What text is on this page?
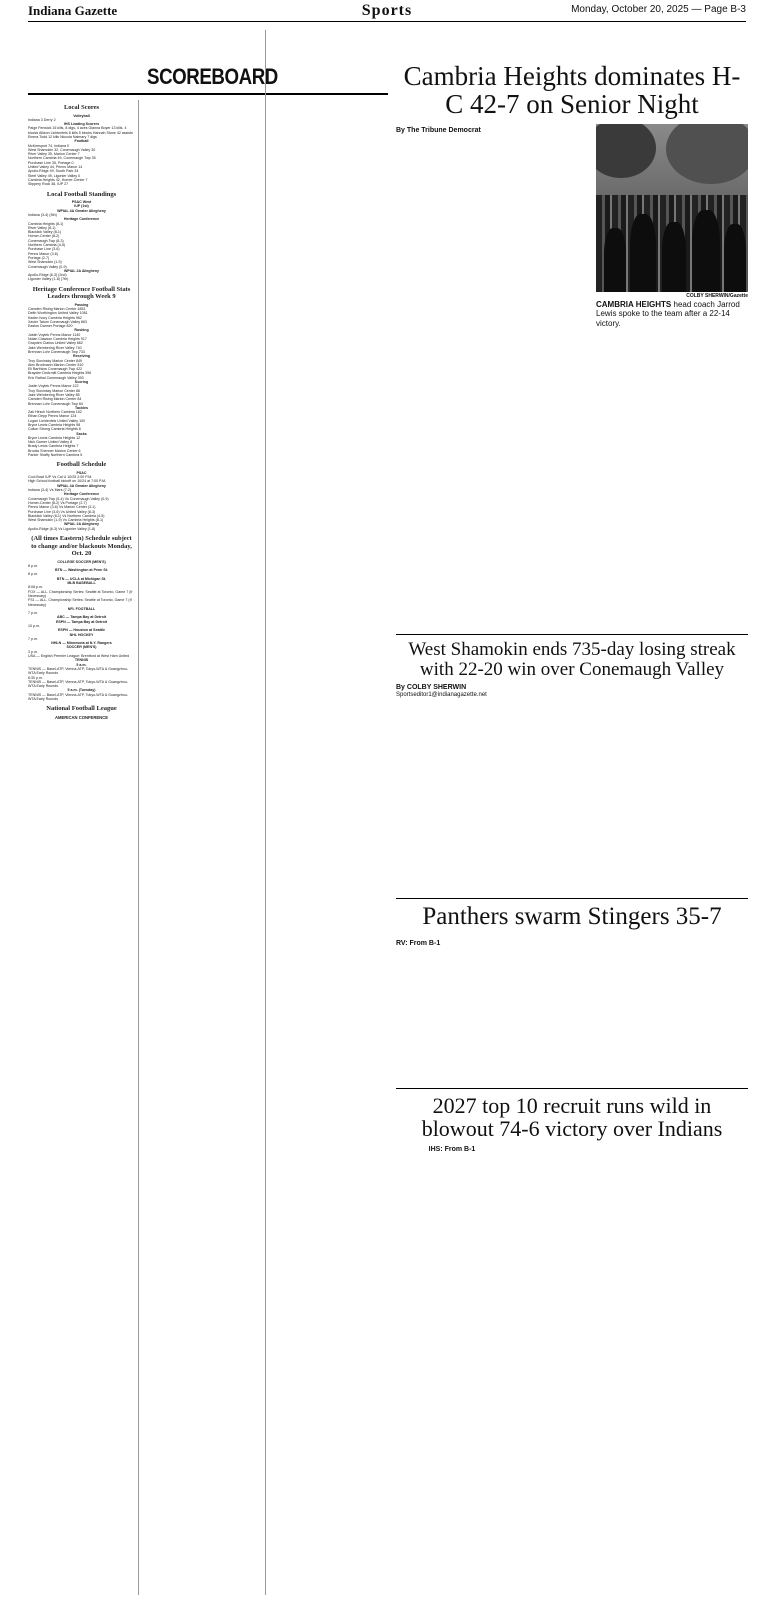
Indiana Gazette	Sports	Monday, October 20, 2025 — Page B-3
SCOREBOARD
Local Scores
Volleyball
Indiana 3 Derry 2
IHS Leading Scorers
Paige Fenwick 15 kills, 8 digs, 4 aces Gianna Boyer 13 kills. 4 blocks Allison Lichtenfels 6 kills 5 blocks Hannah Stone 42 assists Emma Todd 12 kills Niccola Nalmary 7 digs
Football
McKeesport 74, Indiana 0
West Shamokin 32, Conemaugh Valley 30
River Valley 35, Marion Center 7
Northern Cambria 49, Conemaugh Twp 35
Purchase Line 35, Portage 0
United Valley 44, Penns Manor 14
Apollo-Ridge 49, South Park 34
Steel Valley 49, Ligonier Valley 0
Cambria Heights 42, Homer-Center 7
Slippery Rock 38, IUP 27
Local Football Standings
PSAC West
IUP (1st)
WPIAL 4A Greater Allegheny
Indiana (3-4) (5th)
Heritage Conference
Cambria Heights (8-1)
River Valley (8-1)
Blacklick Valley (8-1)
Homer-Center (8-2)
Conemaugh Twp (8-3)
Northern Cambria (4-5)
Purchase Line (3-6)
Penns Manor (3-6)
Portage (2-7)
West Shamokin (1-9)
Conemaugh Valley (0-9)
WPIAL 2A Allegheny
Apollo-Ridge (6-3) (2nd)
Ligonier Valley (1-8) (7th)
Heritage Conference Football Stats Leaders through Week 9
Passing
Camden Rising Marion Center 1853
Deith Worthington United Valley 1081
Kaden Ivory Cambria Heights 962
Xavier Tatum Conemaugh Valley 863
Easton Danner Portage 820
Rushing
Justin Voytek Penns Manor 1140
Nolan Clawson Cambria Heights 917
Grayden Clarius United Valley 862
Jake Weinbering River Valley 740
Brennan Lohr Conemaugh Twp 733
Receiving
Troy Slovinsky Marion Center 849
Alec Brodmann Marion Center 510
Eli Barthlow Conemaugh Twp 422
Brayden DeArmitt Cambria Heights 396
Eric Rathal Conemaugh Valley 393
Scoring
Justin Voytek Penns Manor 122
Troy Slovinsky Marion Center 86
Jake Weinbering River Valley 85
Camden Rising Marion Center 84
Brennan Lohr Conemaugh Twp 84
Tackles
Zak Hirsch Northern Cambria 152
Ethan Depp Penns Manor 124
Logan Lichtenfels United Valley 100
Bryce Lewis Cambria Heights 98
Colton Strong Cambria Heights 8
Sacks
Bryce Lewis Cambria Heights 12
Nick Garner United Valley 8
Brady Lewis Cambria Heights 7
Brooks Shenner Marion Center 6
Parker Shaffy Northern Cambria 5
Football Schedule
PSAC
Cool Bowl IUP Vs Cal U 10/25 2:00 P.M.
High School football kickoff on 10/24 at 7:00 P.M.
WPIAL 4A Greater Allegheny
Indiana (3-4) Vs Mars (7-2)
Heritage Conference
Conemaugh Twp (5-4) Vs Conemaugh Valley (0-9)
Homer-Center (8-2) Vs Portage (2-7)
Penns Manor (3-6) Vs Marion Center (3-1)
Purchase Line (3-6) Vs United Valley (8-3)
Blacklick Valley (8-1) Vs Northern Cambria (4-5)
West Shamokin (1-9) Vs Cambria Heights (8-1)
WPIAL 2A Allegheny
Apollo-Ridge (6-3) Vs Ligonier Valley (1-8)
(All times Eastern) Schedule subject to change and/or blackouts Monday, Oct. 20
COLLEGE SOCCER (MEN'S)
8 p.m.
BTN — Washington at Penn St.
8 p.m.
BTN — UCLA at Michigan St.
MLB BASEBALL
8:08 p.m.
FOX — ALL. Championship Series: Seattle at Toronto, Game 7 (If Necessary)
FS1 — ALL. Championship Series: Seattle at Toronto, Game 7 (If Necessary)
NFL FOOTBALL
7 p.m.
ABC — Tampa Bay at Detroit
ESPN — Tampa Bay at Detroit
10 p.m.
ESPN — Houston at Seattle
NHL HOCKEY
7 p.m.
NHLN — Minnesota at N.Y. Rangers
SOCCER (MEN'S)
3 p.m.
USA — English Premier League: Brentford at West Ham United
TENNIS
5 a.m.
TENNIS — Basel-ATP, Vienna-ATP, Tokyo-WTA & Guangzhou-WTA Early Rounds
6:30 p.m.
TENNIS — Basel-ATP, Vienna-ATP, Tokyo-WTA & Guangzhou-WTA Early Rounds
5 a.m. (Tuesday)
TENNIS — Basel-ATP, Vienna-ATP, Tokyo-WTA & Guangzhou-WTA Early Rounds
National Football League
AMERICAN CONFERENCE
Cambria Heights dominates H-C 42-7 on Senior Night
By The Tribune Democrat
COLBY SHERWIN/Gazette
CAMBRIA HEIGHTS head coach Jarrod Lewis spoke to the team after a 22-14 victory.
West Shamokin ends 735-day losing streak with 22-20 win over Conemaugh Valley
By COLBY SHERWIN
Sportseditor1@indianagazette.net
Panthers swarm Stingers 35-7
RV: From B-1
2027 top 10 recruit runs wild in blowout 74-6 victory over Indians
IHS: From B-1
